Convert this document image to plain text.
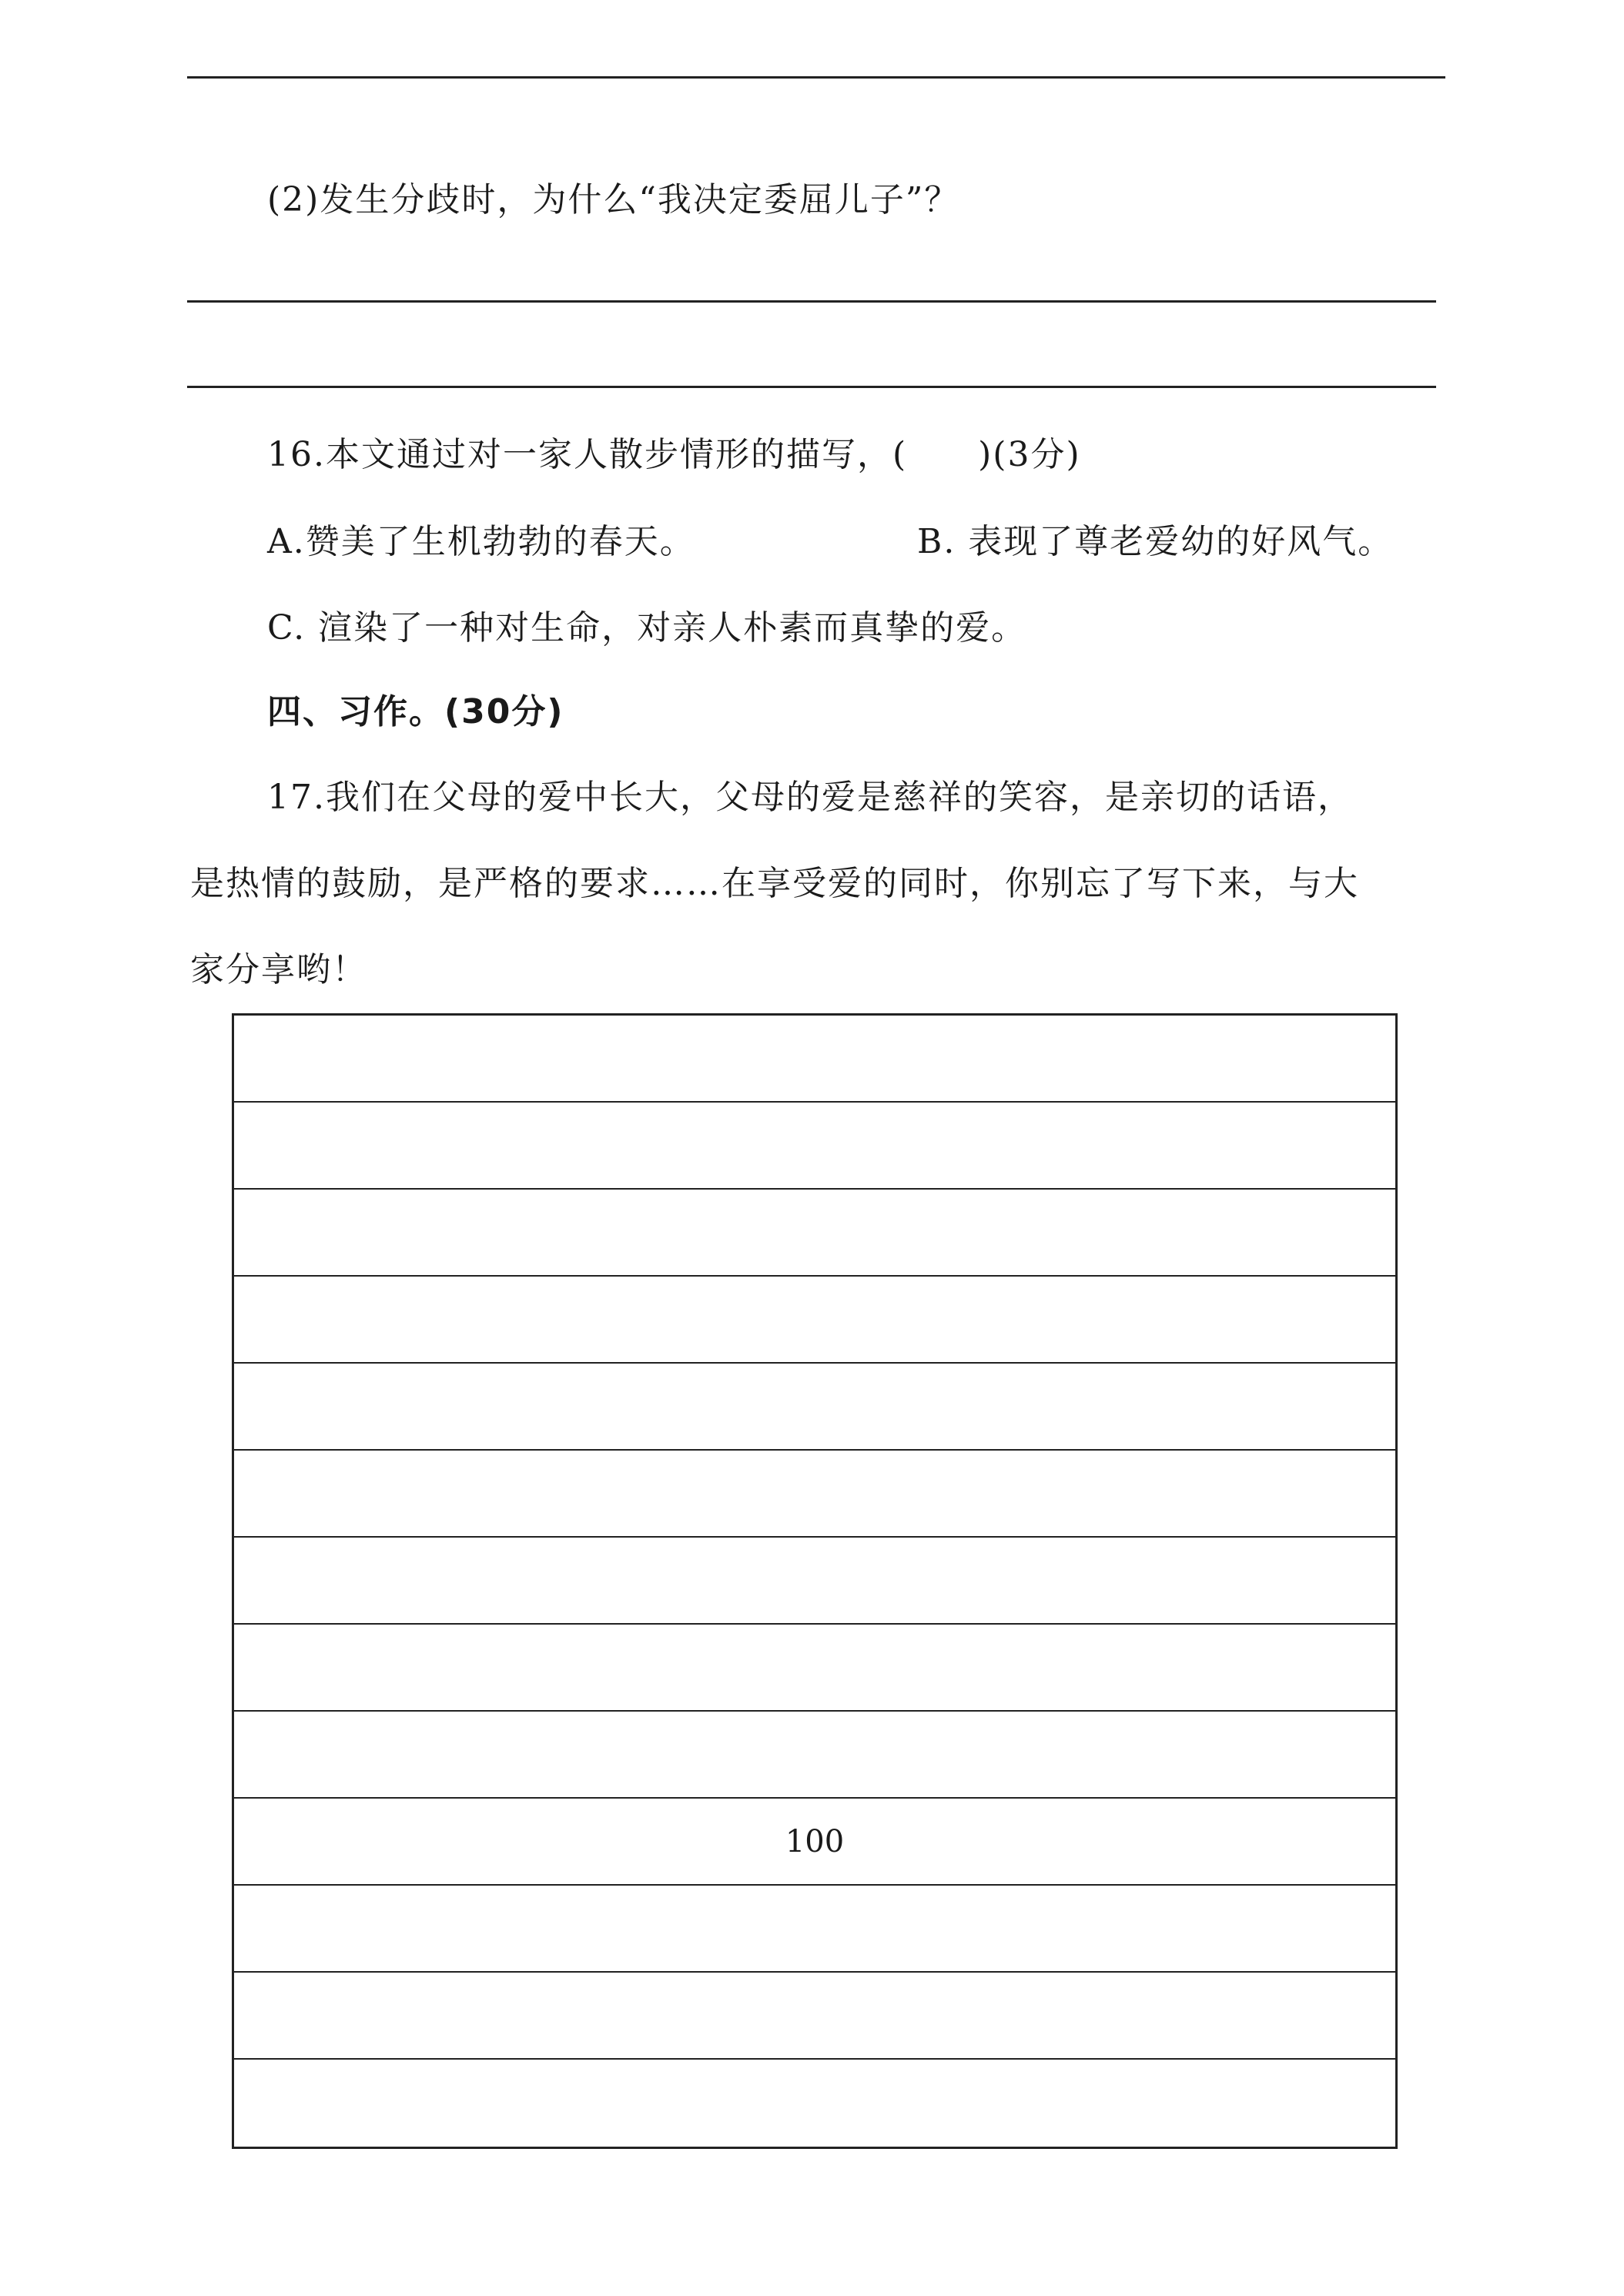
(2)发生分歧时，为什么“我决定委屈儿子”？
16.本文通过对一家人散步情形的描写，(　　)(3分)
A.赞美了生机勃勃的春天。	B. 表现了尊老爱幼的好风气。
C. 渲染了一种对生命，对亲人朴素而真挚的爱。
四、习作。(30分)
17.我们在父母的爱中长大，父母的爱是慈祥的笑容，是亲切的话语，
是热情的鼓励，是严格的要求……在享受爱的同时，你别忘了写下来，与大
家分享哟！
100
